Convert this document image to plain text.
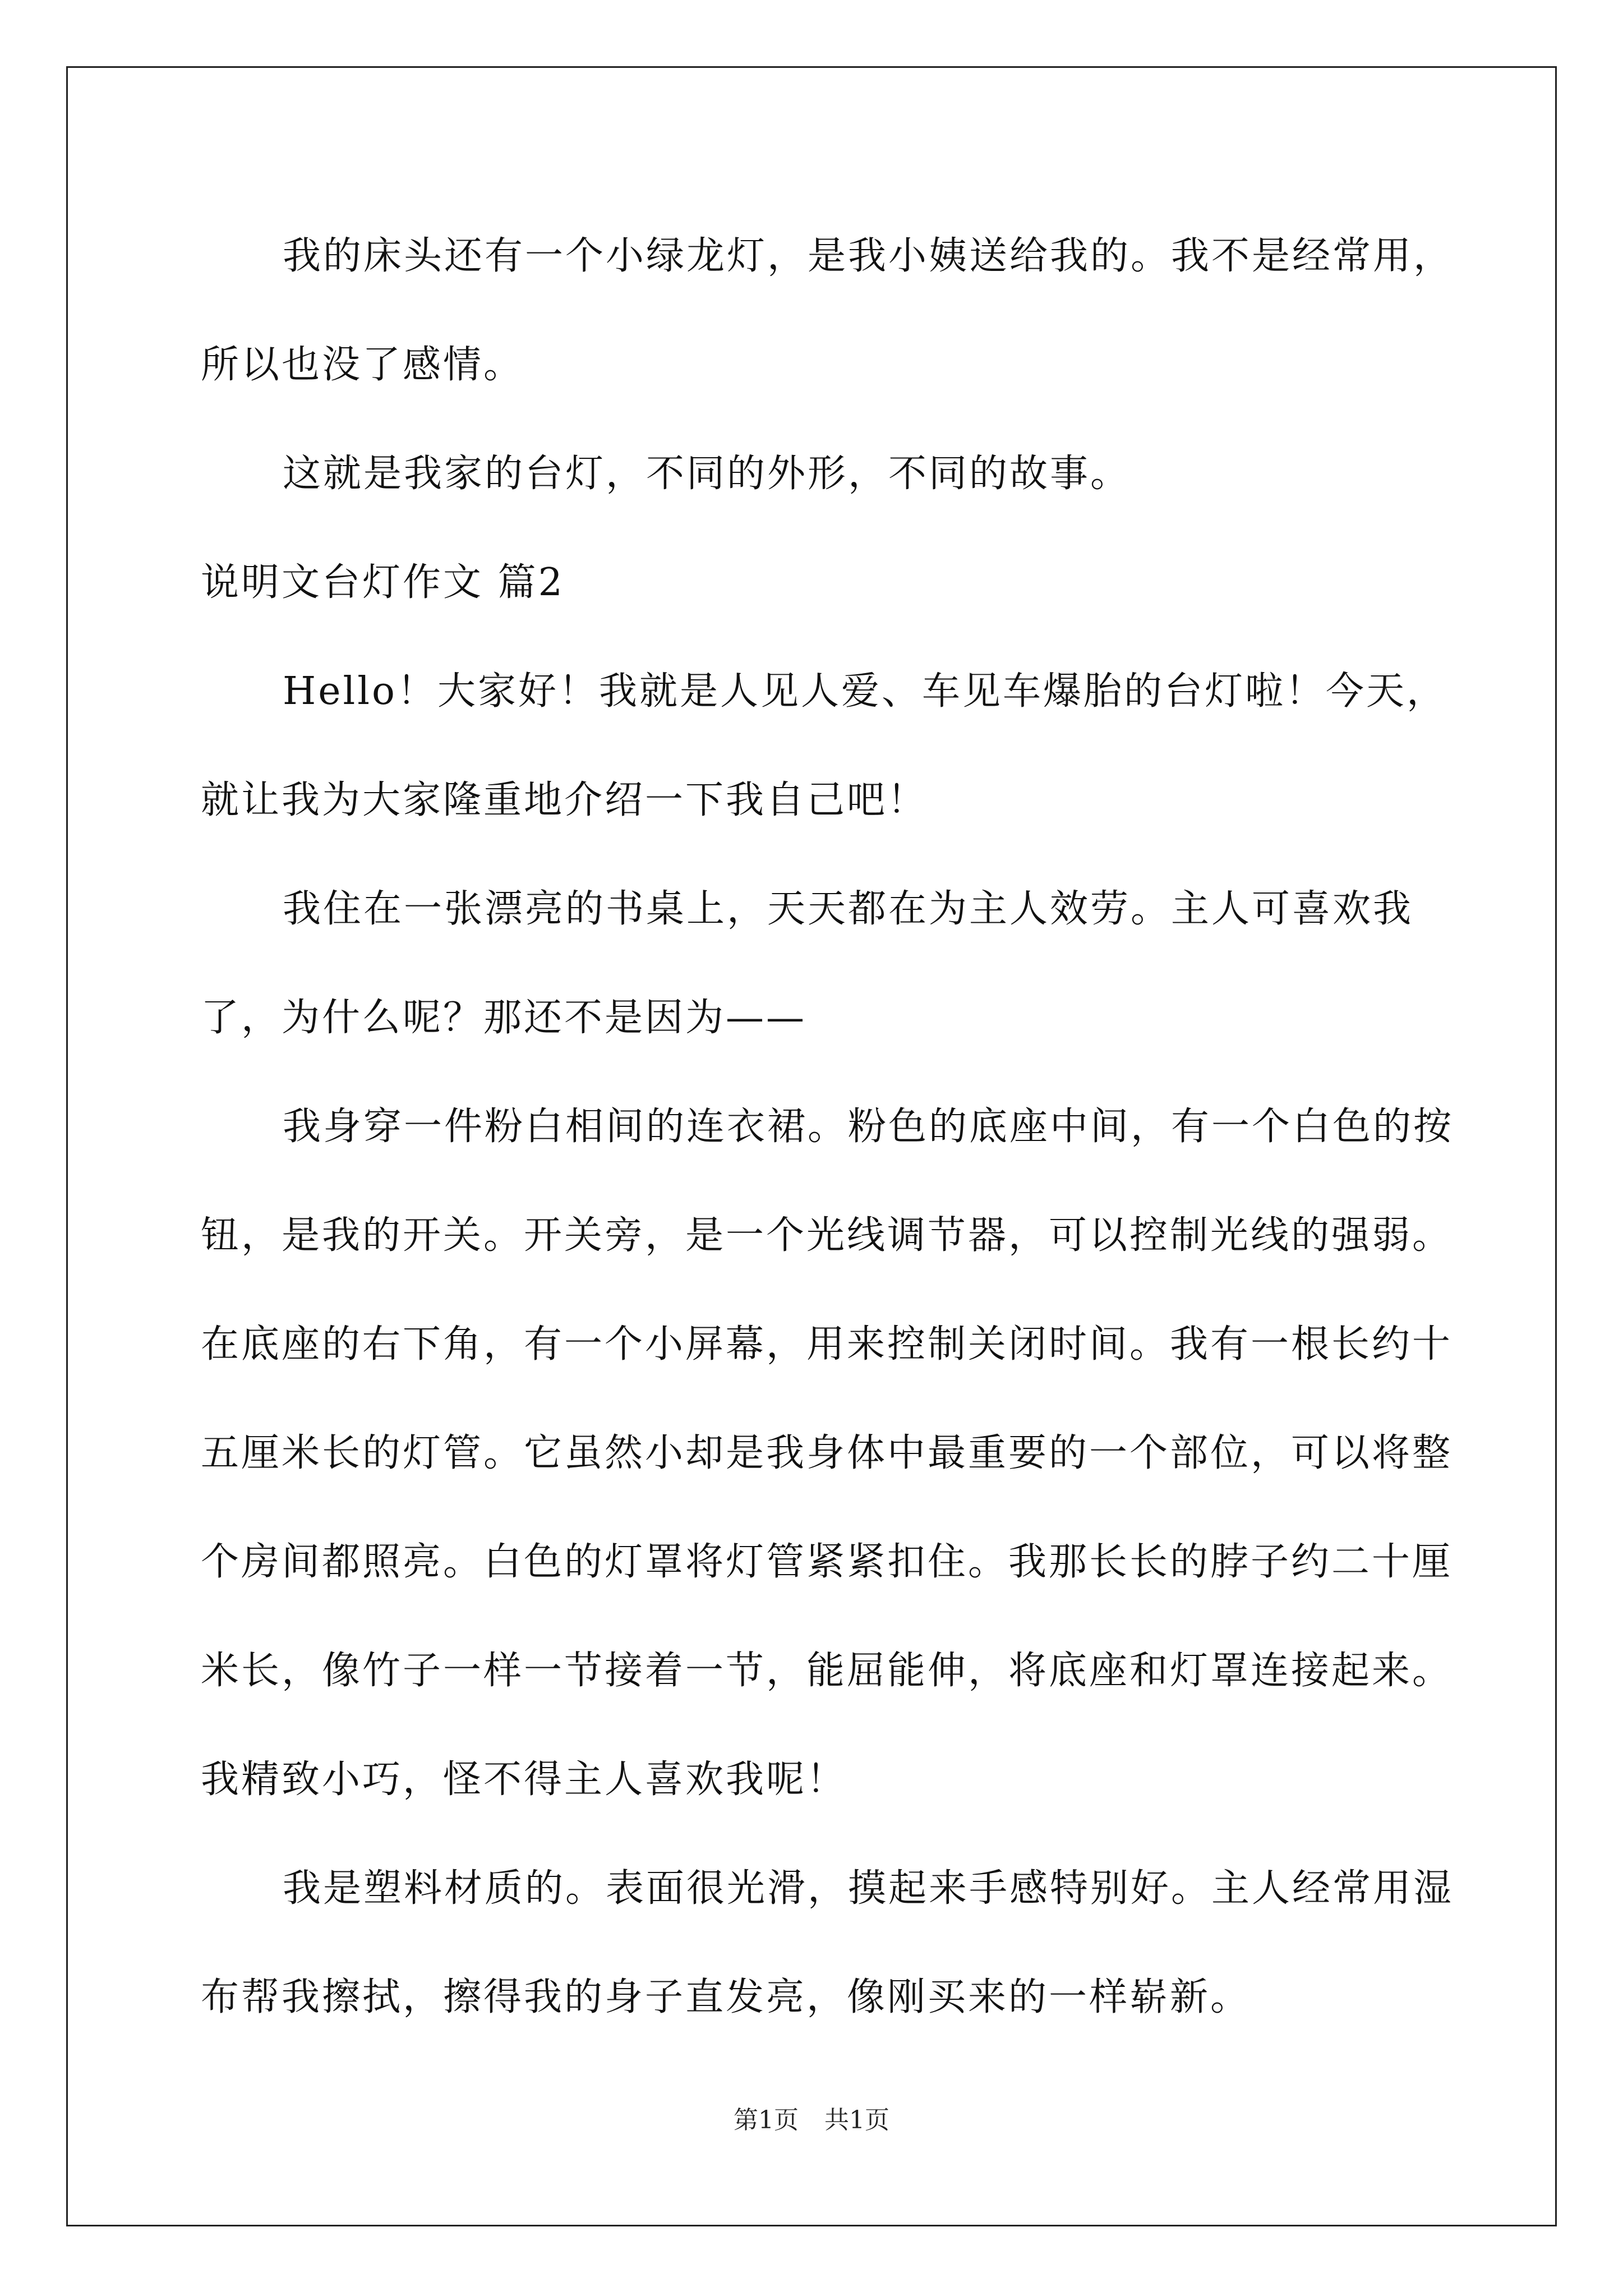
我的床头还有一个小绿龙灯，是我小姨送给我的。我不是经常用，所以也没了感情。

这就是我家的台灯，不同的外形，不同的故事。

说明文台灯作文 篇2

Hello！大家好！我就是人见人爱、车见车爆胎的台灯啦！今天，就让我为大家隆重地介绍一下我自己吧！

我住在一张漂亮的书桌上，天天都在为主人效劳。主人可喜欢我了，为什么呢？那还不是因为——

我身穿一件粉白相间的连衣裙。粉色的底座中间，有一个白色的按钮，是我的开关。开关旁，是一个光线调节器，可以控制光线的强弱。在底座的右下角，有一个小屏幕，用来控制关闭时间。我有一根长约十五厘米长的灯管。它虽然小却是我身体中最重要的一个部位，可以将整个房间都照亮。白色的灯罩将灯管紧紧扣住。我那长长的脖子约二十厘米长，像竹子一样一节接着一节，能屈能伸，将底座和灯罩连接起来。我精致小巧，怪不得主人喜欢我呢！

我是塑料材质的。表面很光滑，摸起来手感特别好。主人经常用湿布帮我擦拭，擦得我的身子直发亮，像刚买来的一样崭新。

第1页 共1页
